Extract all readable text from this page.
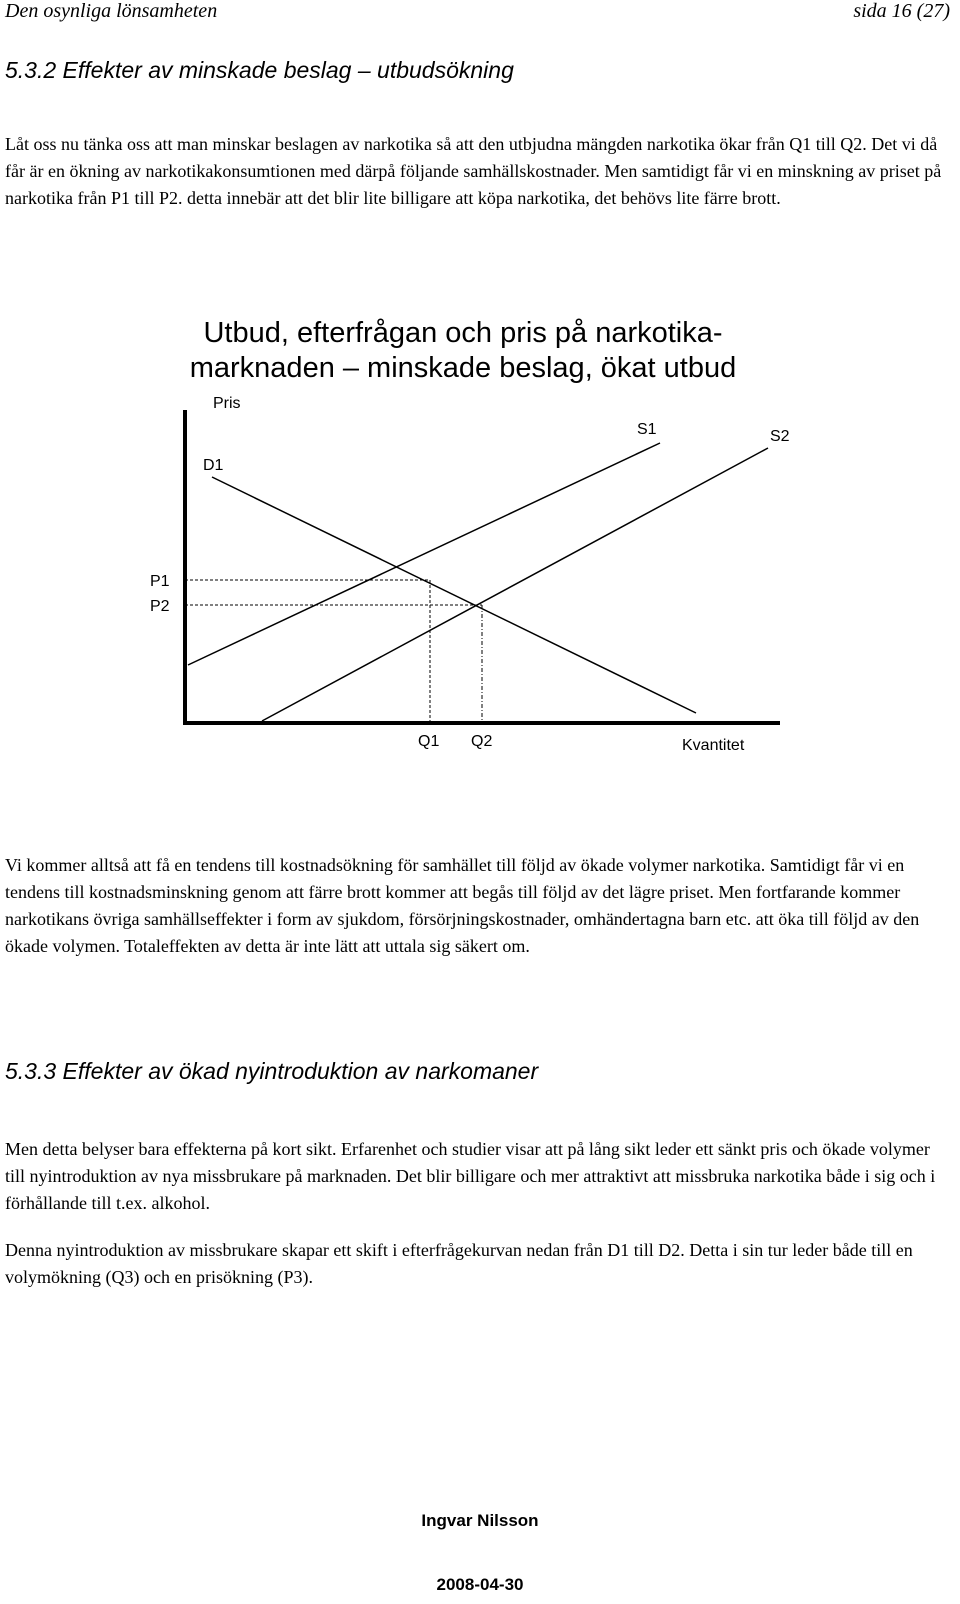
Den osynliga lönsamheten	sida 16 (27)
5.3.2 Effekter av minskade beslag – utbudsökning
Låt oss nu tänka oss att man minskar beslagen av narkotika så att den utbjudna mängden narkotika ökar från Q1 till Q2. Det vi då får är en ökning av narkotikakonsumtionen med därpå följande samhällskostnader. Men samtidigt får vi en minskning av priset på narkotika från P1 till P2. detta innebär att det blir lite billigare att köpa narkotika, det behövs lite färre brott.
Utbud, efterfrågan och pris på narkotika-
marknaden – minskade beslag, ökat utbud
Pris
Kvantitet
D1
S1	S2
P1
P2
Q1 Q2
Vi kommer alltså att få en tendens till kostnadsökning för samhället till följd av ökade volymer narkotika. Samtidigt får vi en tendens till kostnadsminskning genom att färre brott kommer att begås till följd av det lägre priset. Men fortfarande kommer narkotikans övriga samhällseffekter i form av sjukdom, försörjningskostnader, omhändertagna barn etc. att öka till följd av den ökade volymen. Totaleffekten av detta är inte lätt att uttala sig säkert om.
5.3.3 Effekter av ökad nyintroduktion av narkomaner
Men detta belyser bara effekterna på kort sikt. Erfarenhet och studier visar att på lång sikt leder ett sänkt pris och ökade volymer till nyintroduktion av nya missbrukare på marknaden. Det blir billigare och mer attraktivt att missbruka narkotika både i sig och i förhållande till t.ex. alkohol.
Denna nyintroduktion av missbrukare skapar ett skift i efterfrågekurvan nedan från D1 till D2. Detta i sin tur leder både till en volymökning (Q3) och en prisökning (P3).
Ingvar Nilsson
2008-04-30
